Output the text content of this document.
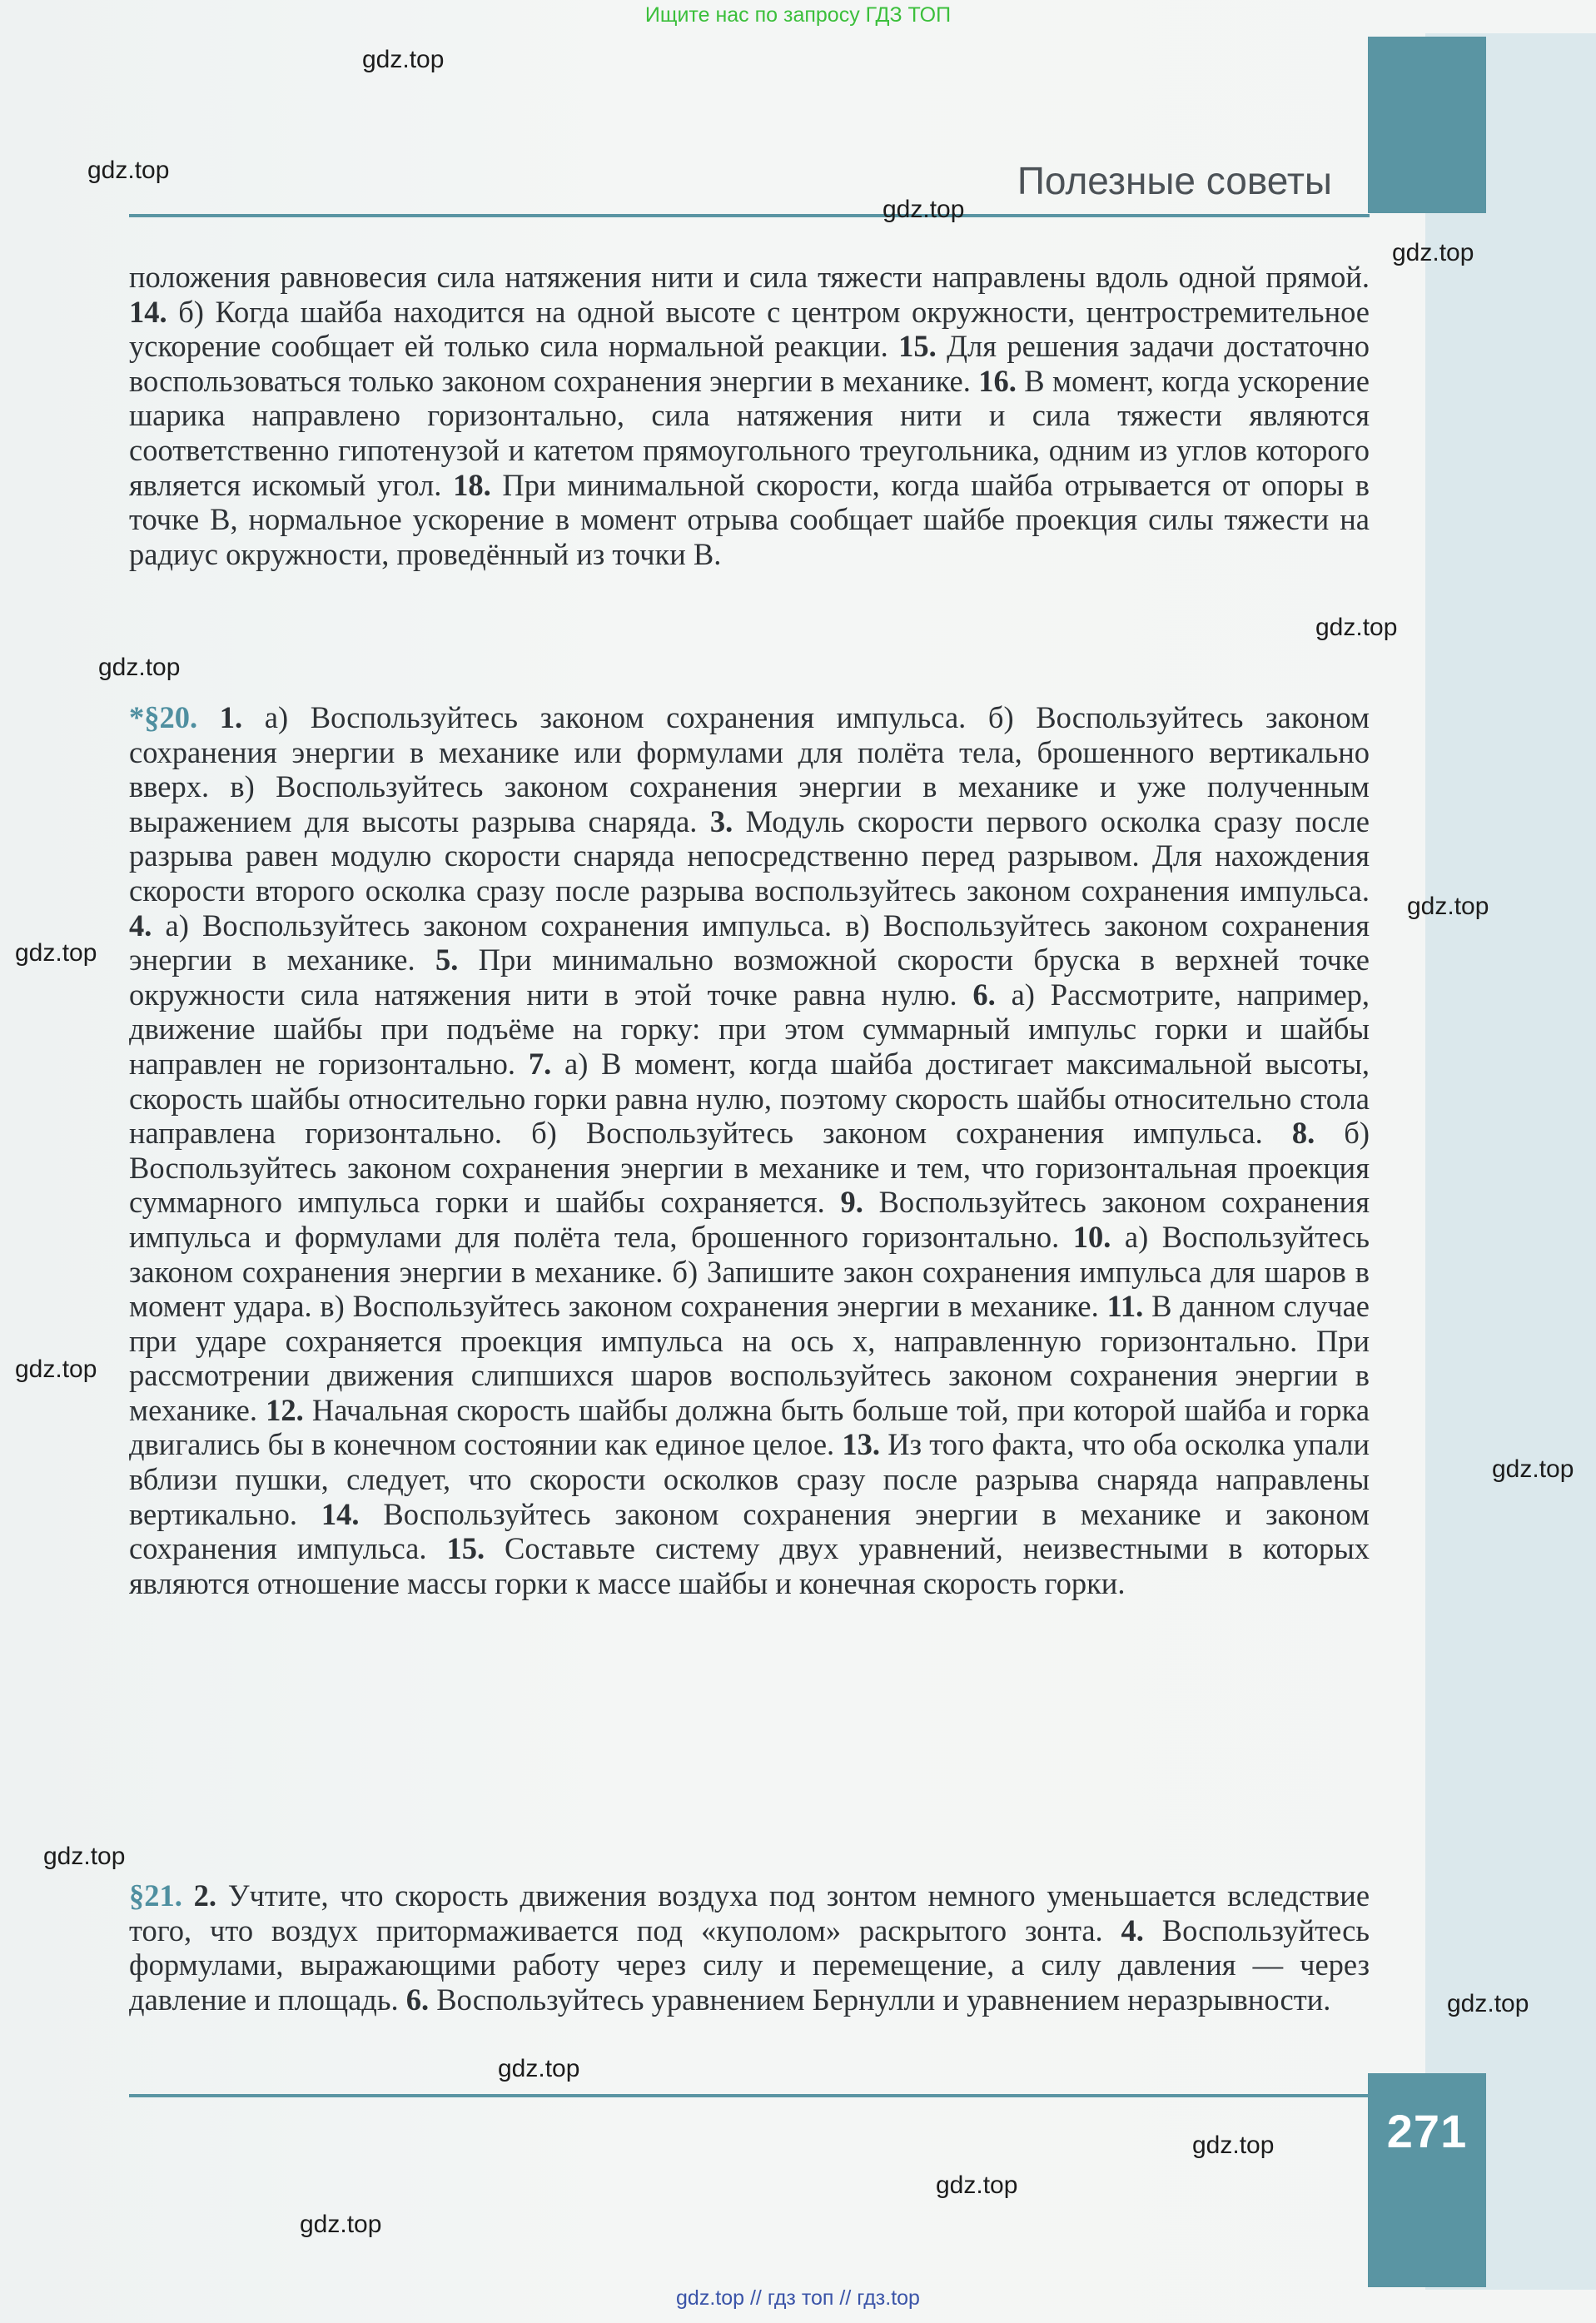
Ищите нас по запросу ГДЗ ТОП
Полезные советы
положения равновесия сила натяжения нити и сила тяжести направлены вдоль одной прямой. 14. б) Когда шайба находится на одной высоте с центром окружности, центростремительное ускорение сообщает ей только сила нормальной реакции. 15. Для решения задачи достаточно воспользоваться только законом сохранения энергии в механике. 16. В момент, когда ускорение шарика направлено горизонтально, сила натяжения нити и сила тяжести являются соответственно гипотенузой и катетом прямоугольного треугольника, одним из углов которого является искомый угол. 18. При минимальной скорости, когда шайба отрывается от опоры в точке B, нормальное ускорение в момент отрыва сообщает шайбе проекция силы тяжести на радиус окружности, проведённый из точки B.
*§20. 1. а) Воспользуйтесь законом сохранения импульса. б) Воспользуйтесь законом сохранения энергии в механике или формулами для полёта тела, брошенного вертикально вверх. в) Воспользуйтесь законом сохранения энергии в механике и уже полученным выражением для высоты разрыва снаряда. 3. Модуль скорости первого осколка сразу после разрыва равен модулю скорости снаряда непосредственно перед разрывом. Для нахождения скорости второго осколка сразу после разрыва воспользуйтесь законом сохранения импульса. 4. а) Воспользуйтесь законом сохранения импульса. в) Воспользуйтесь законом сохранения энергии в механике. 5. При минимально возможной скорости бруска в верхней точке окружности сила натяжения нити в этой точке равна нулю. 6. а) Рассмотрите, например, движение шайбы при подъёме на горку: при этом суммарный импульс горки и шайбы направлен не горизонтально. 7. а) В момент, когда шайба достигает максимальной высоты, скорость шайбы относительно горки равна нулю, поэтому скорость шайбы относительно стола направлена горизонтально. б) Воспользуйтесь законом сохранения импульса. 8. б) Воспользуйтесь законом сохранения энергии в механике и тем, что горизонтальная проекция суммарного импульса горки и шайбы сохраняется. 9. Воспользуйтесь законом сохранения импульса и формулами для полёта тела, брошенного горизонтально. 10. а) Воспользуйтесь законом сохранения энергии в механике. б) Запишите закон сохранения импульса для шаров в момент удара. в) Воспользуйтесь законом сохранения энергии в механике. 11. В данном случае при ударе сохраняется проекция импульса на ось x, направленную горизонтально. При рассмотрении движения слипшихся шаров воспользуйтесь законом сохранения энергии в механике. 12. Начальная скорость шайбы должна быть больше той, при которой шайба и горка двигались бы в конечном состоянии как единое целое. 13. Из того факта, что оба осколка упали вблизи пушки, следует, что скорости осколков сразу после разрыва снаряда направлены вертикально. 14. Воспользуйтесь законом сохранения энергии в механике и законом сохранения импульса. 15. Составьте систему двух уравнений, неизвестными в которых являются отношение массы горки к массе шайбы и конечная скорость горки.
§21. 2. Учтите, что скорость движения воздуха под зонтом немного уменьшается вследствие того, что воздух притормаживается под «куполом» раскрытого зонта. 4. Воспользуйтесь формулами, выражающими работу через силу и перемещение, а силу давления — через давление и площадь. 6. Воспользуйтесь уравнением Бернулли и уравнением неразрывности.
271
gdz.top
gdz.top
gdz.top
gdz.top
gdz.top
gdz.top
gdz.top
gdz.top
gdz.top
gdz.top
gdz.top
gdz.top
gdz.top
gdz.top
gdz.top
gdz.top
gdz.top // гдз топ // гдз.top
